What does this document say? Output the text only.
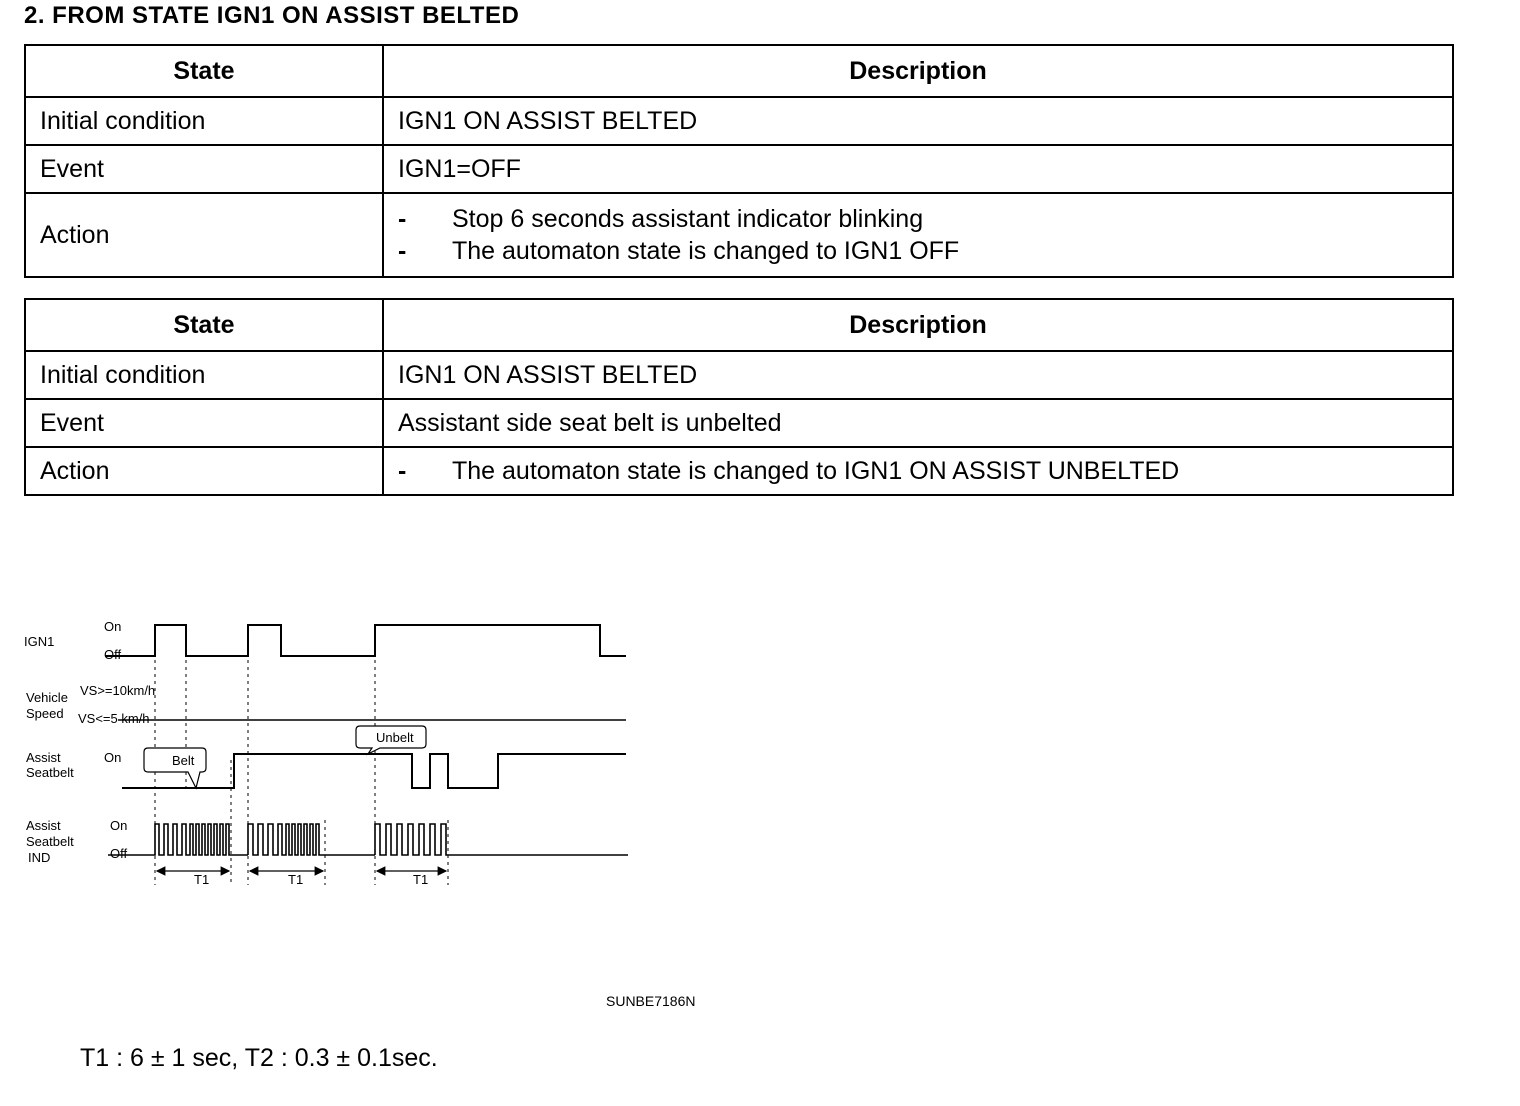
2. FROM STATE IGN1 ON ASSIST BELTED
State	Description
Initial condition	IGN1 ON ASSIST BELTED
Event	IGN1=OFF
Action	- Stop 6 seconds assistant indicator blinking
- The automaton state is changed to IGN1 OFF
State	Description
Initial condition	IGN1 ON ASSIST BELTED
Event	Assistant side seat belt is unbelted
Action	- The automaton state is changed to IGN1 ON ASSIST UNBELTED
IGN1
On
Off
Vehicle
Speed
VS>=10km/h
VS<=5 km/h
Assist
Seatbelt
On	Belt
Unbelt
Assist
Seatbelt
IND
On
Off
T1	T1	T1
SUNBE7186N
T1 : 6 ± 1 sec, T2 : 0.3 ± 0.1sec.
